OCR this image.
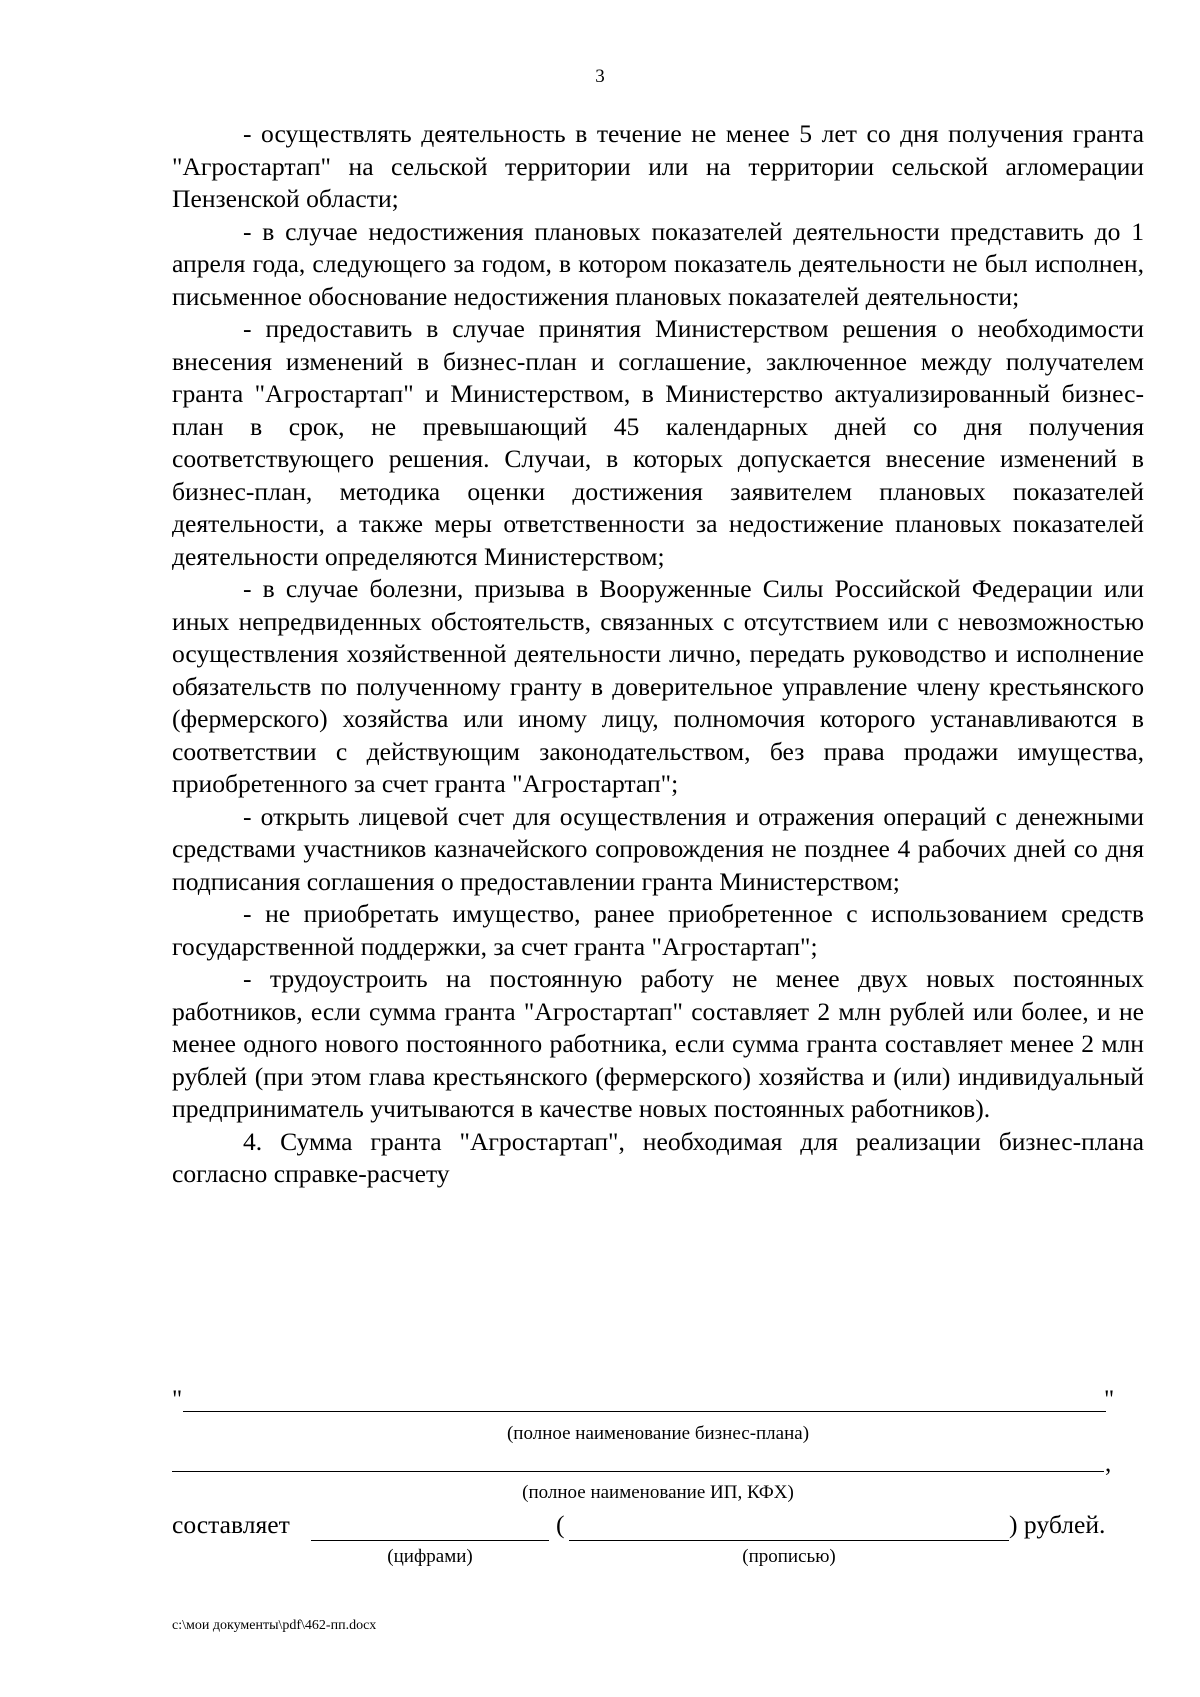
3

- осуществлять деятельность в течение не менее 5 лет со дня получения гранта "Агростартап" на сельской территории или на территории сельской агломерации Пензенской области;

- в случае недостижения плановых показателей деятельности представить до 1 апреля года, следующего за годом, в котором показатель деятельности не был исполнен, письменное обоснование недостижения плановых показателей деятельности;

- предоставить в случае принятия Министерством решения о необходимости внесения изменений в бизнес-план и соглашение, заключенное между получателем гранта "Агростартап" и Министерством, в Министерство актуализированный бизнес-план в срок, не превышающий 45 календарных дней со дня получения соответствующего решения. Случаи, в которых допускается внесение изменений в бизнес-план, методика оценки достижения заявителем плановых показателей деятельности, а также меры ответственности за недостижение плановых показателей деятельности определяются Министерством;

- в случае болезни, призыва в Вооруженные Силы Российской Федерации или иных непредвиденных обстоятельств, связанных с отсутствием или с невозможностью осуществления хозяйственной деятельности лично, передать руководство и исполнение обязательств по полученному гранту в доверительное управление члену крестьянского (фермерского) хозяйства или иному лицу, полномочия которого устанавливаются в соответствии с действующим законодательством, без права продажи имущества, приобретенного за счет гранта "Агростартап";

- открыть лицевой счет для осуществления и отражения операций с денежными средствами участников казначейского сопровождения не позднее 4 рабочих дней со дня подписания соглашения о предоставлении гранта Министерством;

- не приобретать имущество, ранее приобретенное с использованием средств государственной поддержки, за счет гранта "Агростартап";

- трудоустроить на постоянную работу не менее двух новых постоянных работников, если сумма гранта "Агростартап" составляет 2 млн рублей или более, и не менее одного нового постоянного работника, если сумма гранта составляет менее 2 млн рублей (при этом глава крестьянского (фермерского) хозяйства и (или) индивидуальный предприниматель учитываются в качестве новых постоянных работников).

4. Сумма гранта "Агростартап", необходимая для реализации бизнес-плана согласно справке-расчету

"	"
(полное наименование бизнес-плана)
,
(полное наименование ИП, КФХ)
составляет	(	) рублей.
(цифрами)	(прописью)
c:\мои документы\pdf\462-пп.docx
